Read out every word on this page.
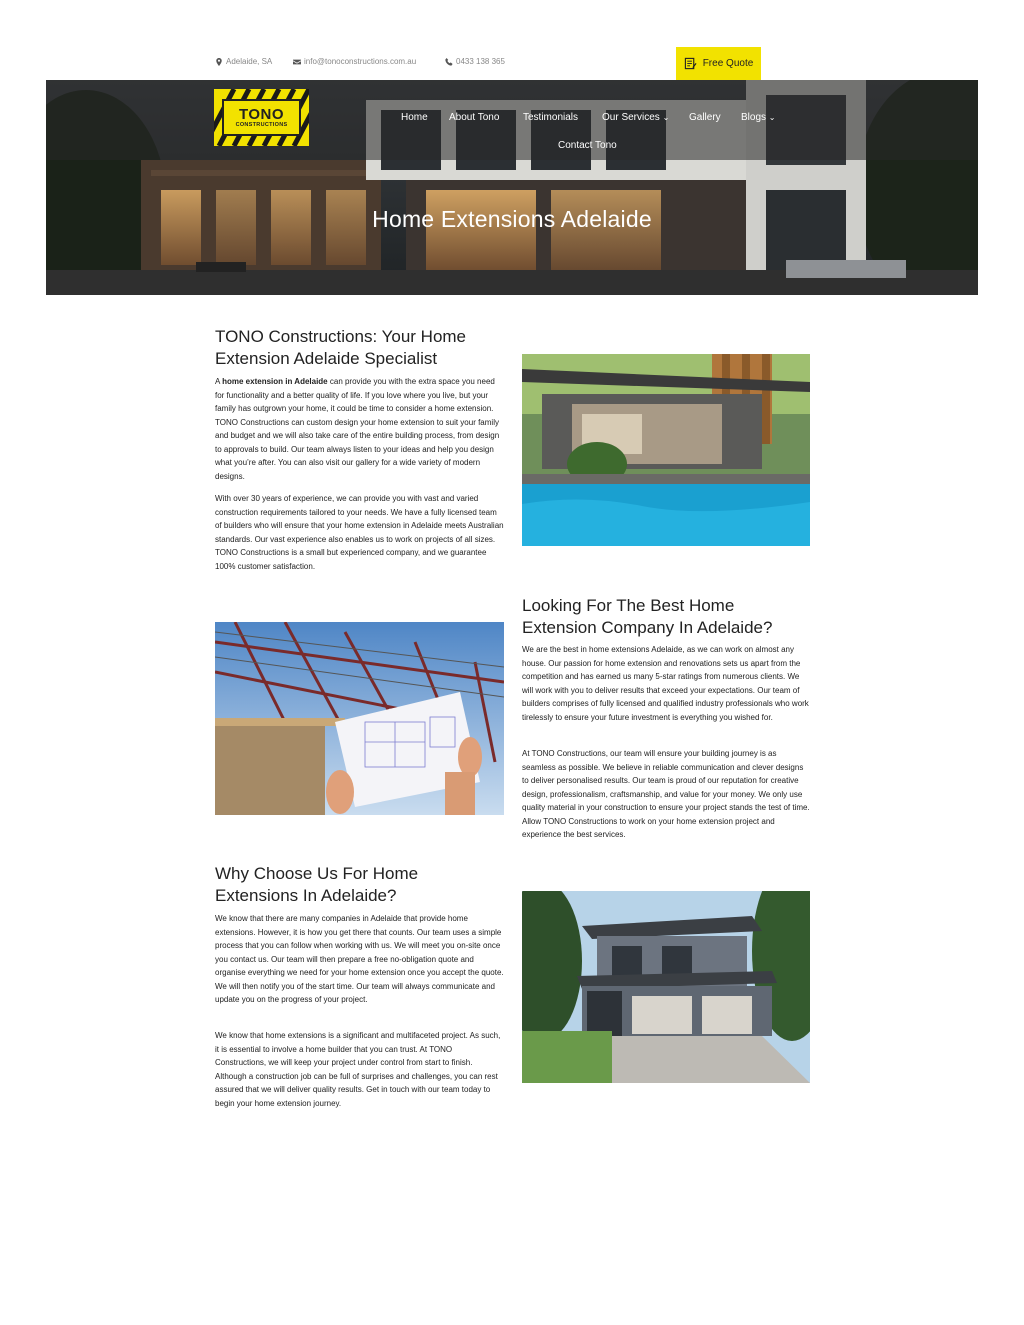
Adelaide, SA	info@tonoconstructions.com.au	0433 138 365	Free Quote
TONO
CONSTRUCTIONS
Home About Tono Testimonials Our Services ⌄ Gallery Blogs ⌄
Contact Tono
Home Extensions Adelaide
TONO Constructions: Your Home Extension Adelaide Specialist

A home extension in Adelaide can provide you with the extra space you need for functionality and a better quality of life. If you love where you live, but your family has outgrown your home, it could be time to consider a home extension. TONO Constructions can custom design your home extension to suit your family and budget and we will also take care of the entire building process, from design to approvals to build. Our team always listen to your ideas and help you design what you’re after. You can also visit our gallery for a wide variety of modern designs.

With over 30 years of experience, we can provide you with vast and varied construction requirements tailored to your needs. We have a fully licensed team of builders who will ensure that your home extension in Adelaide meets Australian standards. Our vast experience also enables us to work on projects of all sizes. TONO Constructions is a small but experienced company, and we guarantee 100% customer satisfaction.

Looking For The Best Home Extension Company In Adelaide?

We are the best in home extensions Adelaide, as we can work on almost any house. Our passion for home extension and renovations sets us apart from the competition and has earned us many 5-star ratings from numerous clients. We will work with you to deliver results that exceed your expectations. Our team of builders comprises of fully licensed and qualified industry professionals who work tirelessly to ensure your future investment is everything you wished for.

At TONO Constructions, our team will ensure your building journey is as seamless as possible. We believe in reliable communication and clever designs to deliver personalised results. Our team is proud of our reputation for creative design, professionalism, craftsmanship, and value for your money. We only use quality material in your construction to ensure your project stands the test of time. Allow TONO Constructions to work on your home extension project and experience the best services.

Why Choose Us For Home Extensions In Adelaide?

We know that there are many companies in Adelaide that provide home extensions. However, it is how you get there that counts. Our team uses a simple process that you can follow when working with us. We will meet you on-site once you contact us. Our team will then prepare a free no-obligation quote and organise everything we need for your home extension once you accept the quote. We will then notify you of the start time. Our team will always communicate and update you on the progress of your project.

We know that home extensions is a significant and multifaceted project. As such, it is essential to involve a home builder that you can trust. At TONO Constructions, we will keep your project under control from start to finish. Although a construction job can be full of surprises and challenges, you can rest assured that we will deliver quality results. Get in touch with our team today to begin your home extension journey.
